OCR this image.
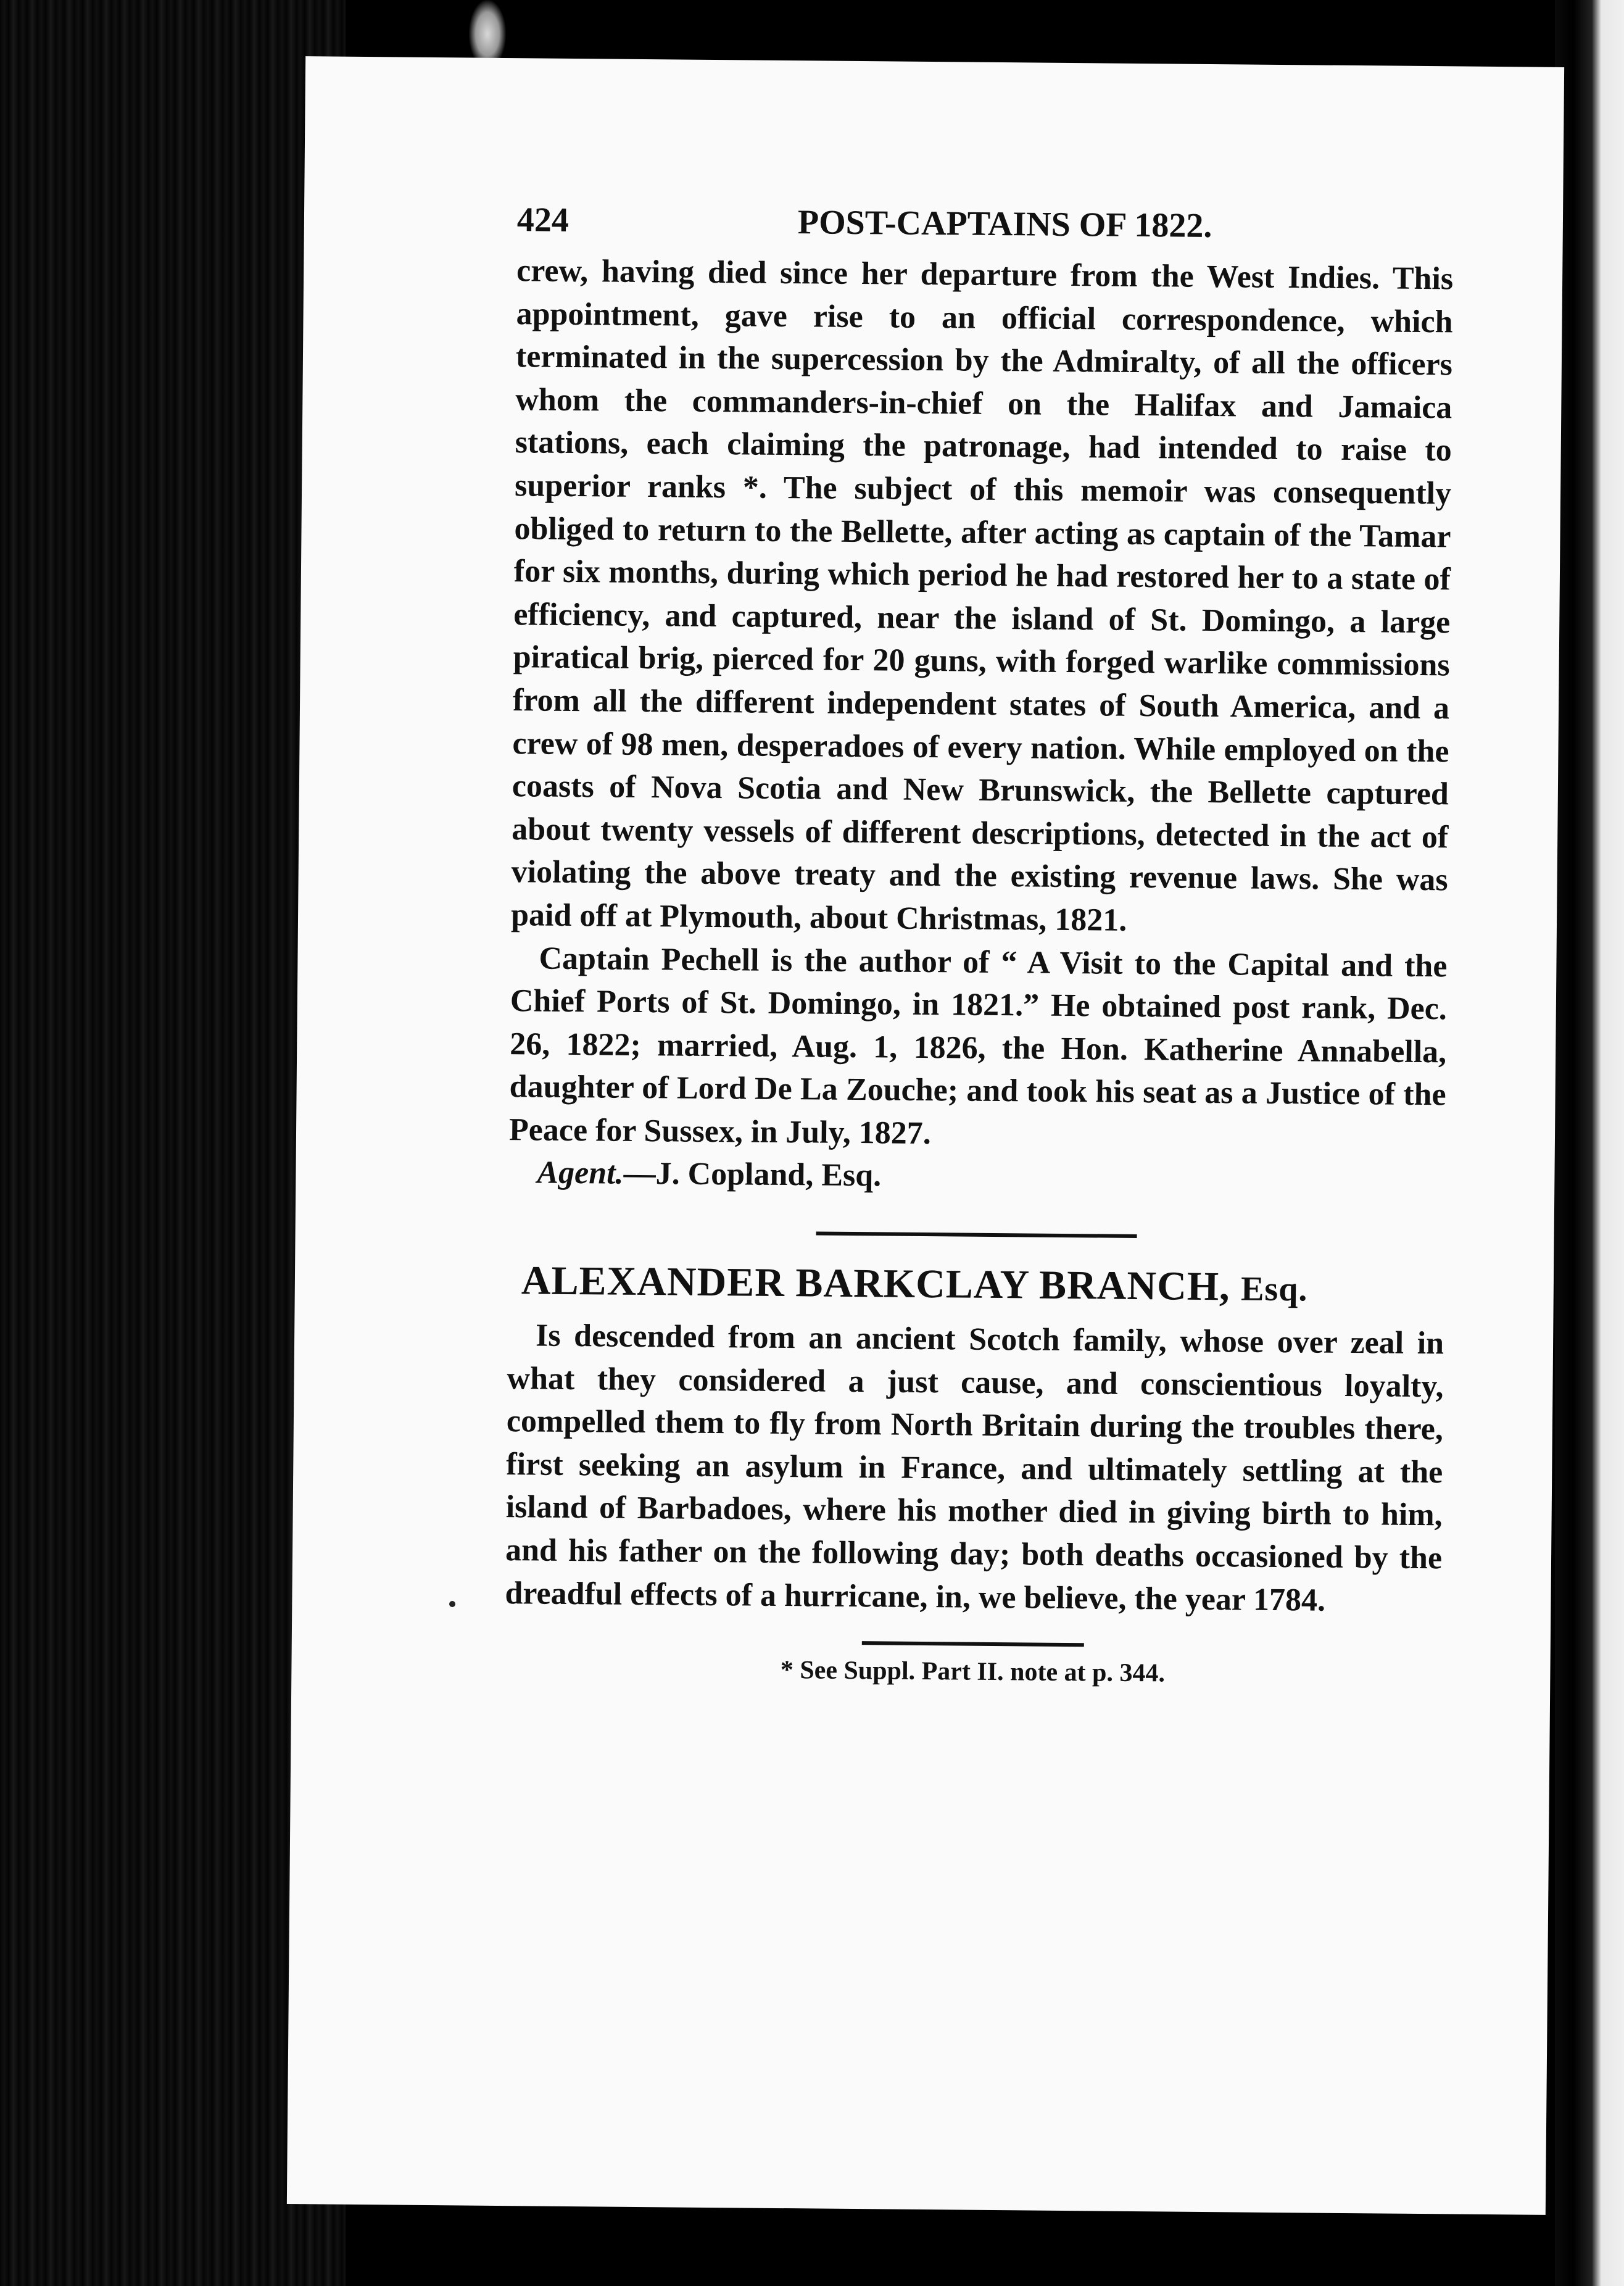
424	POST-CAPTAINS OF 1822.

crew, having died since her departure from the West Indies. This appointment, gave rise to an official correspondence, which terminated in the supercession by the Admiralty, of all the officers whom the commanders-in-chief on the Halifax and Jamaica stations, each claiming the patronage, had intended to raise to superior ranks *. The subject of this memoir was consequently obliged to return to the Bellette, after acting as captain of the Tamar for six months, during which period he had restored her to a state of efficiency, and captured, near the island of St. Domingo, a large piratical brig, pierced for 20 guns, with forged warlike commissions from all the different independent states of South America, and a crew of 98 men, desperadoes of every nation. While employed on the coasts of Nova Scotia and New Brunswick, the Bellette captured about twenty vessels of different descriptions, detected in the act of violating the above treaty and the existing revenue laws. She was paid off at Plymouth, about Christmas, 1821.

Captain Pechell is the author of “ A Visit to the Capital and the Chief Ports of St. Domingo, in 1821.” He obtained post rank, Dec. 26, 1822; married, Aug. 1, 1826, the Hon. Katherine Annabella, daughter of Lord De La Zouche; and took his seat as a Justice of the Peace for Sussex, in July, 1827.

Agent.—J. Copland, Esq.

ALEXANDER BARKCLAY BRANCH, Esq.

Is descended from an ancient Scotch family, whose over zeal in what they considered a just cause, and conscientious loyalty, compelled them to fly from North Britain during the troubles there, first seeking an asylum in France, and ultimately settling at the island of Barbadoes, where his mother died in giving birth to him, and his father on the following day; both deaths occasioned by the dreadful effects of a hurricane, in, we believe, the year 1784.

* See Suppl. Part II. note at p. 344.
